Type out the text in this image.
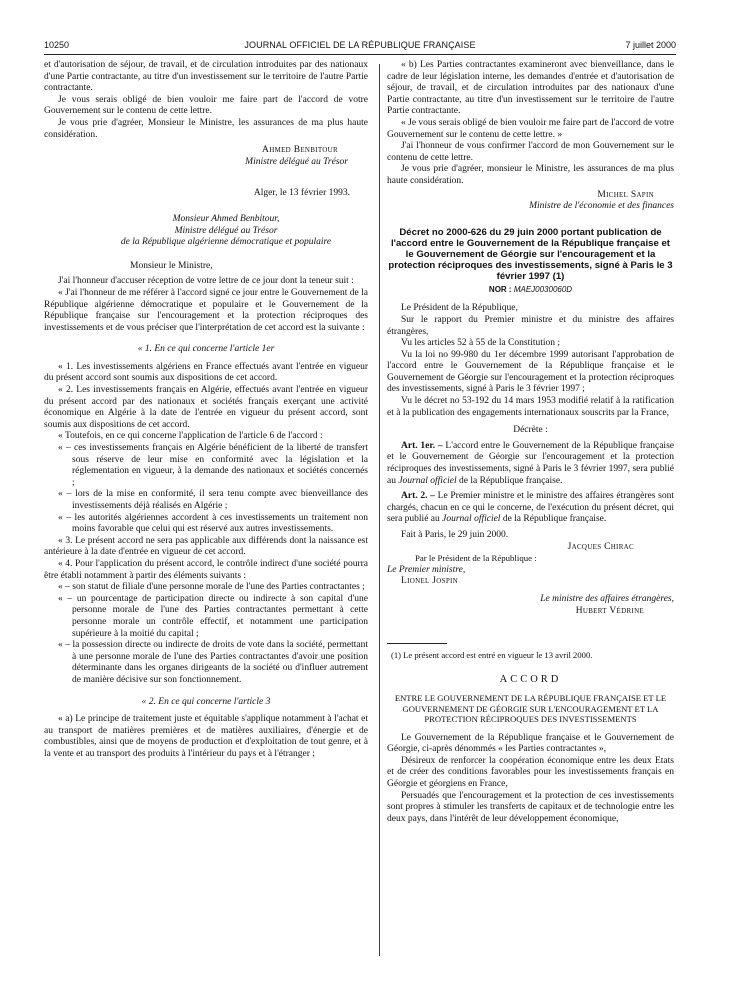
10250	JOURNAL OFFICIEL DE LA RÉPUBLIQUE FRANÇAISE	7 juillet 2000

et d'autorisation de séjour, de travail, et de circulation introduites par des nationaux d'une Partie contractante, au titre d'un investissement sur le territoire de l'autre Partie contractante.

Je vous serais obligé de bien vouloir me faire part de l'accord de votre Gouvernement sur le contenu de cette lettre.

Je vous prie d'agréer, Monsieur le Ministre, les assurances de ma plus haute considération.

Ahmed Benbitour

Ministre délégué au Trésor

Alger, le 13 février 1993.

Monsieur Ahmed Benbitour,

Ministre délégué au Trésor

de la République algérienne démocratique et populaire

Monsieur le Ministre,

J'ai l'honneur d'accuser réception de votre lettre de ce jour dont la teneur suit :

« J'ai l'honneur de me référer à l'accord signé ce jour entre le Gouvernement de la République algérienne démocratique et populaire et le Gouvernement de la République française sur l'encouragement et la protection réciproques des investissements et de vous préciser que l'interprétation de cet accord est la suivante :

« 1. En ce qui concerne l'article 1er

« 1. Les investissements algériens en France effectués avant l'entrée en vigueur du présent accord sont soumis aux dispositions de cet accord.

« 2. Les investissements français en Algérie, effectués avant l'entrée en vigueur du présent accord par des nationaux et sociétés français exerçant une activité économique en Algérie à la date de l'entrée en vigueur du présent accord, sont soumis aux dispositions de cet accord.

« Toutefois, en ce qui concerne l'application de l'article 6 de l'accord :

« – ces investissements français en Algérie bénéficient de la liberté de transfert sous réserve de leur mise en conformité avec la législation et la réglementation en vigueur, à la demande des nationaux et sociétés concernés ;

« – lors de la mise en conformité, il sera tenu compte avec bienveillance des investissements déjà réalisés en Algérie ;

« – les autorités algériennes accordent à ces investissements un traitement non moins favorable que celui qui est réservé aux autres investissements.

« 3. Le présent accord ne sera pas applicable aux différends dont la naissance est antérieure à la date d'entrée en vigueur de cet accord.

« 4. Pour l'application du présent accord, le contrôle indirect d'une société pourra être établi notamment à partir des éléments suivants :

« – son statut de filiale d'une personne morale de l'une des Parties contractantes ;

« – un pourcentage de participation directe ou indirecte à son capital d'une personne morale de l'une des Parties contractantes permettant à cette personne morale un contrôle effectif, et notamment une participation supérieure à la moitié du capital ;

« – la possession directe ou indirecte de droits de vote dans la société, permettant à une personne morale de l'une des Parties contractantes d'avoir une position déterminante dans les organes dirigeants de la société ou d'influer autrement de manière décisive sur son fonctionnement.

« 2. En ce qui concerne l'article 3

« a) Le principe de traitement juste et équitable s'applique notamment à l'achat et au transport de matières premières et de matières auxiliaires, d'énergie et de combustibles, ainsi que de moyens de production et d'exploitation de tout genre, et à la vente et au transport des produits à l'intérieur du pays et à l'étranger ;

« b) Les Parties contractantes examineront avec bienveillance, dans le cadre de leur législation interne, les demandes d'entrée et d'autorisation de séjour, de travail, et de circulation introduites par des nationaux d'une Partie contractante, au titre d'un investissement sur le territoire de l'autre Partie contractante.

« Je vous serais obligé de bien vouloir me faire part de l'accord de votre Gouvernement sur le contenu de cette lettre. »

J'ai l'honneur de vous confirmer l'accord de mon Gouvernement sur le contenu de cette lettre.

Je vous prie d'agréer, monsieur le Ministre, les assurances de ma plus haute considération.

Michel Sapin

Ministre de l'économie et des finances

Décret no 2000-626 du 29 juin 2000 portant publication de l'accord entre le Gouvernement de la République française et le Gouvernement de Géorgie sur l'encouragement et la protection réciproques des investissements, signé à Paris le 3 février 1997 (1)
NOR : MAEJ0030060D

Le Président de la République,

Sur le rapport du Premier ministre et du ministre des affaires étrangères,

Vu les articles 52 à 55 de la Constitution ;

Vu la loi no 99-980 du 1er décembre 1999 autorisant l'approbation de l'accord entre le Gouvernement de la République française et le Gouvernement de Géorgie sur l'encouragement et la protection réciproques des investissements, signé à Paris le 3 février 1997 ;

Vu le décret no 53-192 du 14 mars 1953 modifié relatif à la ratification et à la publication des engagements internationaux souscrits par la France,

Décrète :

Art. 1er. – L'accord entre le Gouvernement de la République française et le Gouvernement de Géorgie sur l'encouragement et la protection réciproques des investissements, signé à Paris le 3 février 1997, sera publié au Journal officiel de la République française.

Art. 2. – Le Premier ministre et le ministre des affaires étrangères sont chargés, chacun en ce qui le concerne, de l'exécution du présent décret, qui sera publié au Journal officiel de la République française.

Fait à Paris, le 29 juin 2000.

Jacques Chirac

Par le Président de la République :

Le Premier ministre,

Lionel Jospin

Le ministre des affaires étrangères,

Hubert Védrine

(1) Le présent accord est entré en vigueur le 13 avril 2000.

ACCORD
ENTRE LE GOUVERNEMENT DE LA RÉPUBLIQUE FRANÇAISE ET LE GOUVERNEMENT DE GÉORGIE SUR L'ENCOURAGEMENT ET LA PROTECTION RÉCIPROQUES DES INVESTISSEMENTS

Le Gouvernement de la République française et le Gouvernement de Géorgie, ci-après dénommés « les Parties contractantes »,

Désireux de renforcer la coopération économique entre les deux Etats et de créer des conditions favorables pour les investissements français en Géorgie et géorgiens en France,

Persuadés que l'encouragement et la protection de ces investissements sont propres à stimuler les transferts de capitaux et de technologie entre les deux pays, dans l'intérêt de leur développement économique,
